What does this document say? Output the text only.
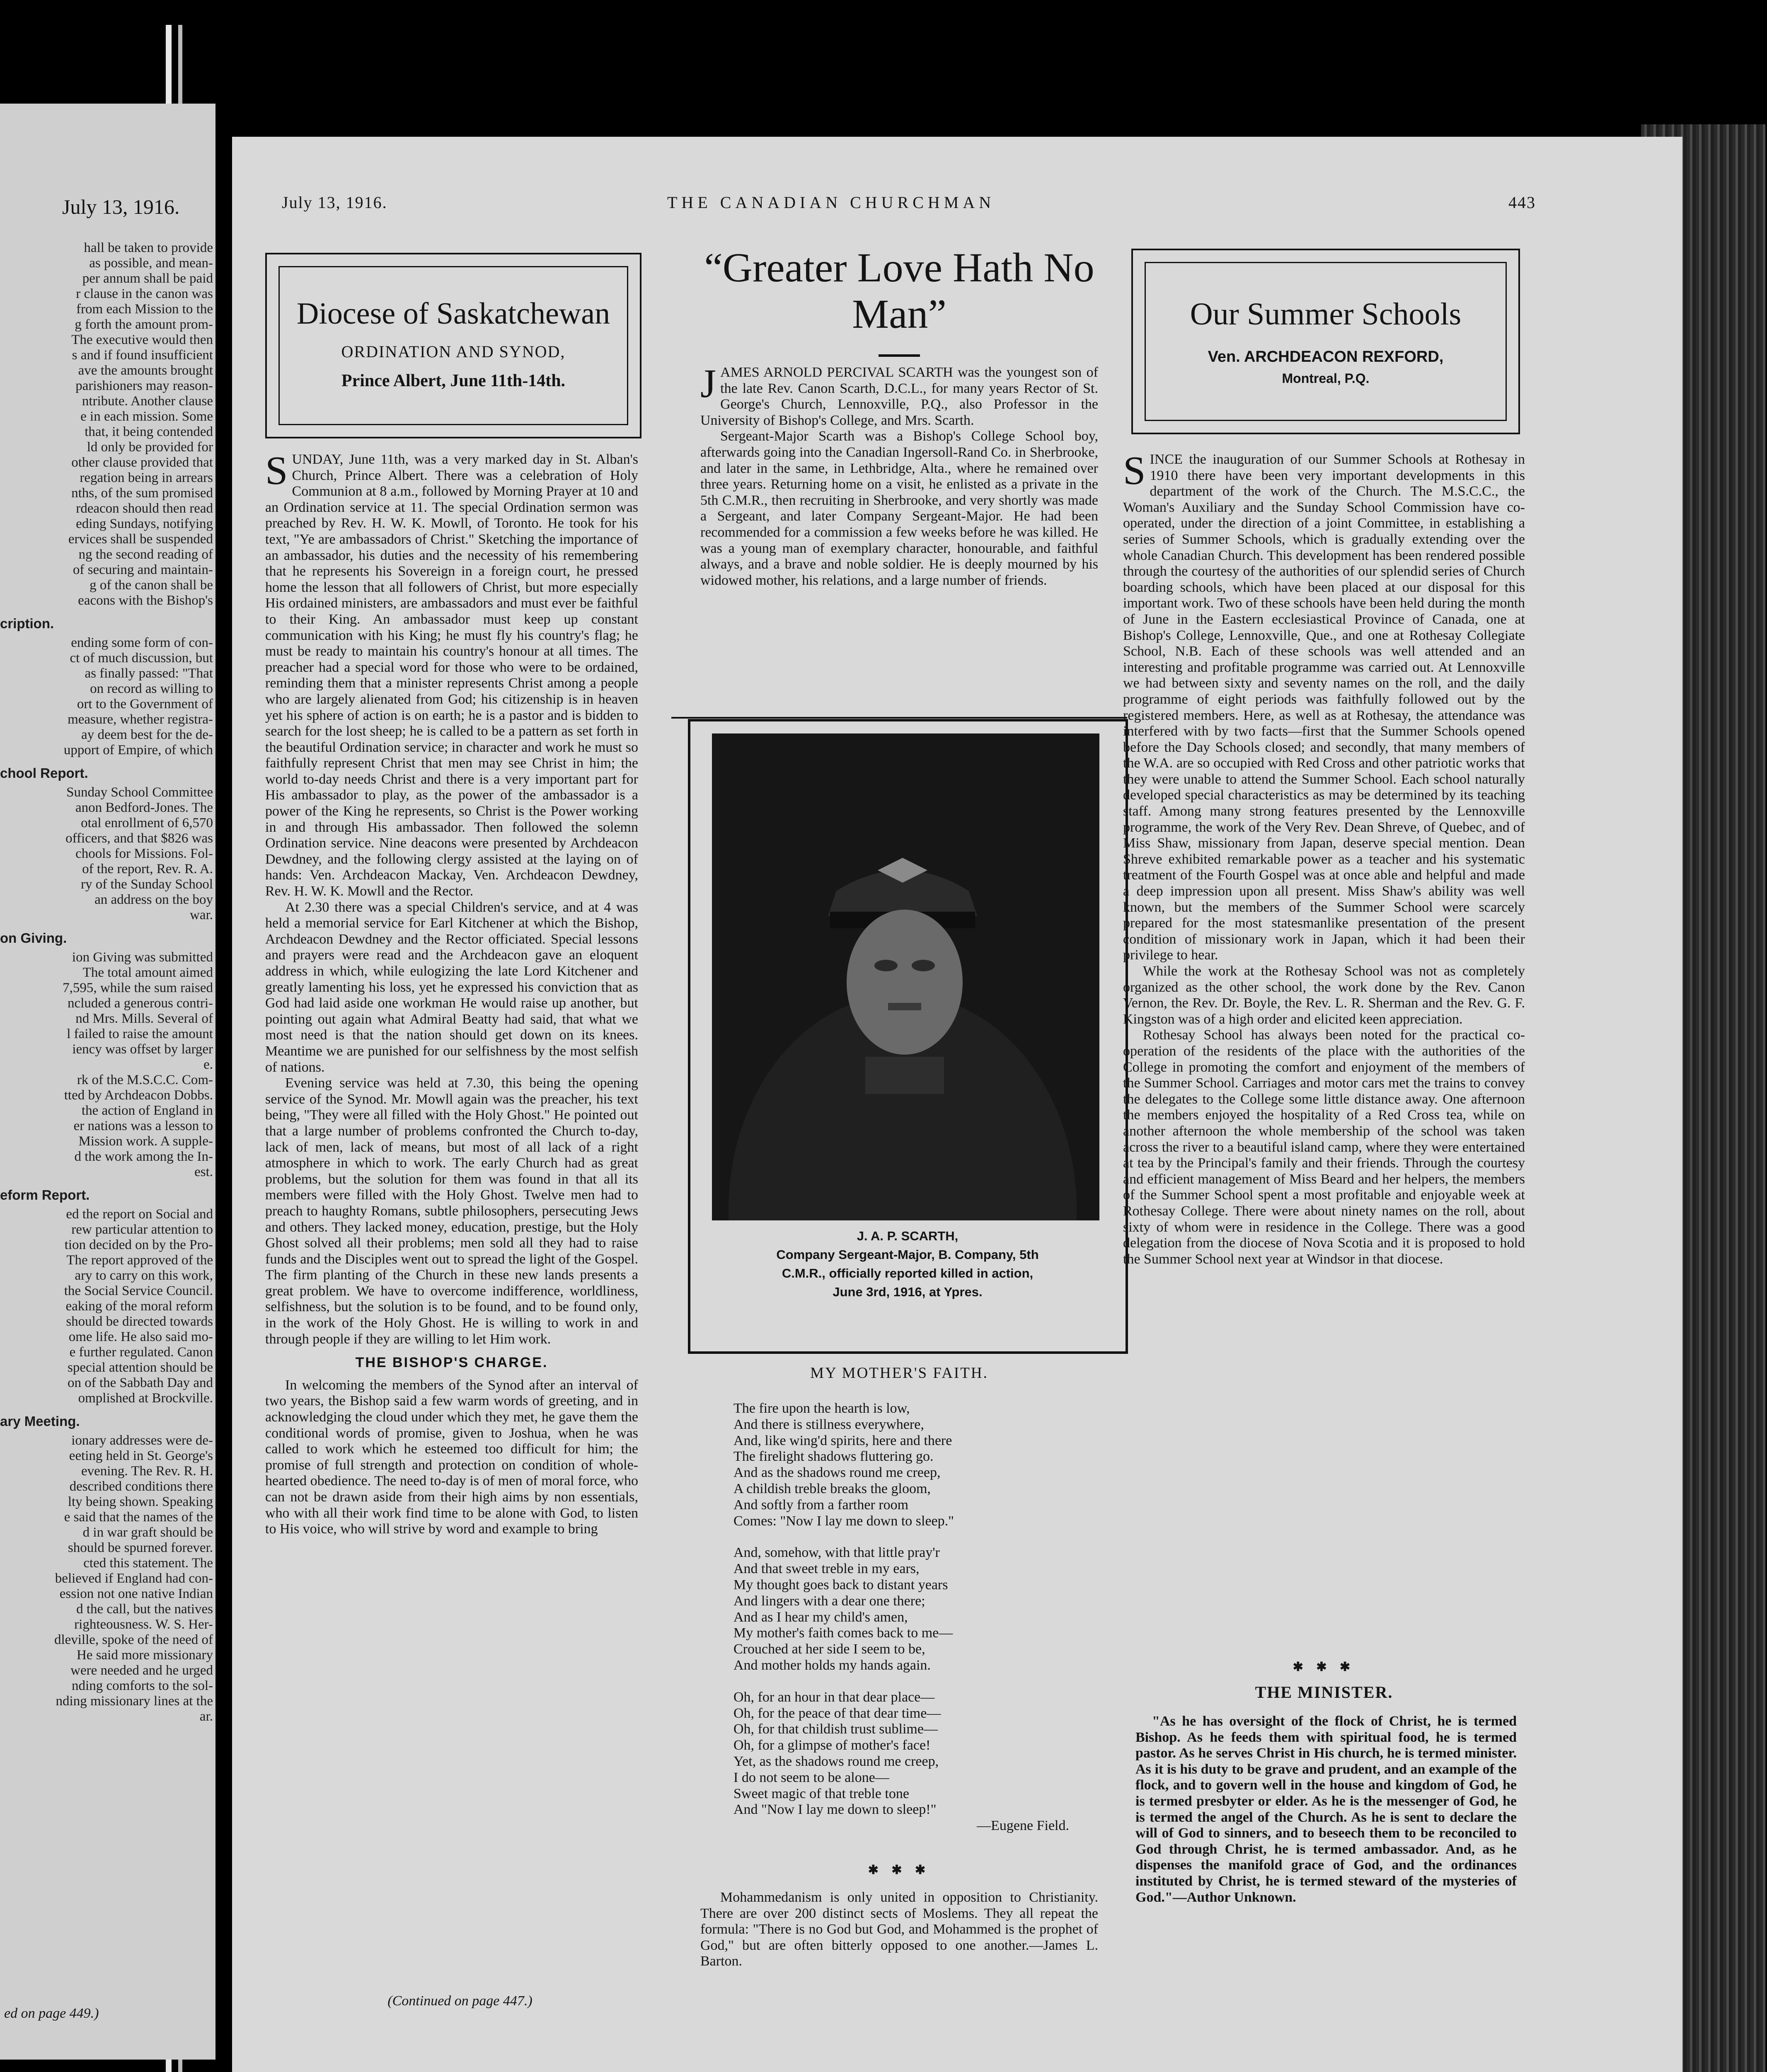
July 13, 1916.
hall be taken to provide
as possible, and mean-
per annum shall be paid
r clause in the canon was
from each Mission to the
g forth the amount prom-
The executive would then
s and if found insufficient
ave the amounts brought
parishioners may reason-
ntribute. Another clause
e in each mission. Some
that, it being contended
ld only be provided for
other clause provided that
regation being in arrears
nths, of the sum promised
rdeacon should then read
eding Sundays, notifying
ervices shall be suspended
ng the second reading of
of securing and maintain-
g of the canon shall be
eacons with the Bishop's
cription.
ending some form of con-
ct of much discussion, but
as finally passed: "That
on record as willing to
ort to the Government of
measure, whether registra-
ay deem best for the de-
upport of Empire, of which
chool Report.
Sunday School Committee
anon Bedford-Jones. The
otal enrollment of 6,570
officers, and that $826 was
chools for Missions. Fol-
of the report, Rev. R. A.
ry of the Sunday School
an address on the boy
war.
on Giving.
ion Giving was submitted
The total amount aimed
7,595, while the sum raised
ncluded a generous contri-
nd Mrs. Mills. Several of
l failed to raise the amount
iency was offset by larger
e.
rk of the M.S.C.C. Com-
tted by Archdeacon Dobbs.
the action of England in
er nations was a lesson to
Mission work. A supple-
d the work among the In-
est.
eform Report.
ed the report on Social and
rew particular attention to
tion decided on by the Pro-
The report approved of the
ary to carry on this work,
the Social Service Council.
eaking of the moral reform
should be directed towards
ome life. He also said mo-
e further regulated. Canon
special attention should be
on of the Sabbath Day and
omplished at Brockville.
ary Meeting.
ionary addresses were de-
eeting held in St. George's
evening. The Rev. R. H.
described conditions there
lty being shown. Speaking
e said that the names of the
d in war graft should be
should be spurned forever.
cted this statement. The
believed if England had con-
ession not one native Indian
d the call, but the natives
righteousness. W. S. Her-
dleville, spoke of the need of
He said more missionary
were needed and he urged
nding comforts to the sol-
nding missionary lines at the
ar.
ed on page 449.)
July 13, 1916.	THE CANADIAN CHURCHMAN	443
Diocese of Saskatchewan
ORDINATION AND SYNOD,
Prince Albert, June 11th-14th.

SUNDAY, June 11th, was a very marked day in St. Alban's Church, Prince Albert. There was a celebration of Holy Communion at 8 a.m., followed by Morning Prayer at 10 and an Ordination service at 11. The special Ordination sermon was preached by Rev. H. W. K. Mowll, of Toronto. He took for his text, "Ye are ambassadors of Christ." Sketching the importance of an ambassador, his duties and the necessity of his remembering that he represents his Sovereign in a foreign court, he pressed home the lesson that all followers of Christ, but more especially His ordained ministers, are ambassadors and must ever be faithful to their King. An ambassador must keep up constant communication with his King; he must fly his country's flag; he must be ready to maintain his country's honour at all times. The preacher had a special word for those who were to be ordained, reminding them that a minister represents Christ among a people who are largely alienated from God; his citizenship is in heaven yet his sphere of action is on earth; he is a pastor and is bidden to search for the lost sheep; he is called to be a pattern as set forth in the beautiful Ordination service; in character and work he must so faithfully represent Christ that men may see Christ in him; the world to-day needs Christ and there is a very important part for His ambassador to play, as the power of the ambassador is a power of the King he represents, so Christ is the Power working in and through His ambassador. Then followed the solemn Ordination service. Nine deacons were presented by Archdeacon Dewdney, and the following clergy assisted at the laying on of hands: Ven. Archdeacon Mackay, Ven. Archdeacon Dewdney, Rev. H. W. K. Mowll and the Rector.

At 2.30 there was a special Children's service, and at 4 was held a memorial service for Earl Kitchener at which the Bishop, Archdeacon Dewdney and the Rector officiated. Special lessons and prayers were read and the Archdeacon gave an eloquent address in which, while eulogizing the late Lord Kitchener and greatly lamenting his loss, yet he expressed his conviction that as God had laid aside one workman He would raise up another, but pointing out again what Admiral Beatty had said, that what we most need is that the nation should get down on its knees. Meantime we are punished for our selfishness by the most selfish of nations.

Evening service was held at 7.30, this being the opening service of the Synod. Mr. Mowll again was the preacher, his text being, "They were all filled with the Holy Ghost." He pointed out that a large number of problems confronted the Church to-day, lack of men, lack of means, but most of all lack of a right atmosphere in which to work. The early Church had as great problems, but the solution for them was found in that all its members were filled with the Holy Ghost. Twelve men had to preach to haughty Romans, subtle philosophers, persecuting Jews and others. They lacked money, education, prestige, but the Holy Ghost solved all their problems; men sold all they had to raise funds and the Disciples went out to spread the light of the Gospel. The firm planting of the Church in these new lands presents a great problem. We have to overcome indifference, worldliness, selfishness, but the solution is to be found, and to be found only, in the work of the Holy Ghost. He is willing to work in and through people if they are willing to let Him work.

THE BISHOP'S CHARGE.

In welcoming the members of the Synod after an interval of two years, the Bishop said a few warm words of greeting, and in acknowledging the cloud under which they met, he gave them the conditional words of promise, given to Joshua, when he was called to work which he esteemed too difficult for him; the promise of full strength and protection on condition of whole-hearted obedience. The need to-day is of men of moral force, who can not be drawn aside from their high aims by non essentials, who with all their work find time to be alone with God, to listen to His voice, who will strive by word and example to bring

(Continued on page 447.)
“Greater Love Hath No Man”

JAMES ARNOLD PERCIVAL SCARTH was the youngest son of the late Rev. Canon Scarth, D.C.L., for many years Rector of St. George's Church, Lennoxville, P.Q., also Professor in the University of Bishop's College, and Mrs. Scarth.

Sergeant-Major Scarth was a Bishop's College School boy, afterwards going into the Canadian Ingersoll-Rand Co. in Sherbrooke, and later in the same, in Lethbridge, Alta., where he remained over three years. Returning home on a visit, he enlisted as a private in the 5th C.M.R., then recruiting in Sherbrooke, and very shortly was made a Sergeant, and later Company Sergeant-Major. He had been recommended for a commission a few weeks before he was killed. He was a young man of exemplary character, honourable, and faithful always, and a brave and noble soldier. He is deeply mourned by his widowed mother, his relations, and a large number of friends.

J. A. P. SCARTH,
Company Sergeant-Major, B. Company, 5th
C.M.R., officially reported killed in action,
June 3rd, 1916, at Ypres.
MY MOTHER'S FAITH.
The fire upon the hearth is low,
And there is stillness everywhere,
And, like wing'd spirits, here and there
The firelight shadows fluttering go.
And as the shadows round me creep,
A childish treble breaks the gloom,
And softly from a farther room
Comes: "Now I lay me down to sleep."
And, somehow, with that little pray'r
And that sweet treble in my ears,
My thought goes back to distant years
And lingers with a dear one there;
And as I hear my child's amen,
My mother's faith comes back to me—
Crouched at her side I seem to be,
And mother holds my hands again.
Oh, for an hour in that dear place—
Oh, for the peace of that dear time—
Oh, for that childish trust sublime—
Oh, for a glimpse of mother's face!
Yet, as the shadows round me creep,
I do not seem to be alone—
Sweet magic of that treble tone
And "Now I lay me down to sleep!"
—Eugene Field.
✱ ✱ ✱

Mohammedanism is only united in opposition to Christianity. There are over 200 distinct sects of Moslems. They all repeat the formula: "There is no God but God, and Mohammed is the prophet of God," but are often bitterly opposed to one another.—James L. Barton.

Our Summer Schools
Ven. ARCHDEACON REXFORD,
Montreal, P.Q.

SINCE the inauguration of our Summer Schools at Rothesay in 1910 there have been very important developments in this department of the work of the Church. The M.S.C.C., the Woman's Auxiliary and the Sunday School Commission have co-operated, under the direction of a joint Committee, in establishing a series of Summer Schools, which is gradually extending over the whole Canadian Church. This development has been rendered possible through the courtesy of the authorities of our splendid series of Church boarding schools, which have been placed at our disposal for this important work. Two of these schools have been held during the month of June in the Eastern ecclesiastical Province of Canada, one at Bishop's College, Lennoxville, Que., and one at Rothesay Collegiate School, N.B. Each of these schools was well attended and an interesting and profitable programme was carried out. At Lennoxville we had between sixty and seventy names on the roll, and the daily programme of eight periods was faithfully followed out by the registered members. Here, as well as at Rothesay, the attendance was interfered with by two facts—first that the Summer Schools opened before the Day Schools closed; and secondly, that many members of the W.A. are so occupied with Red Cross and other patriotic works that they were unable to attend the Summer School. Each school naturally developed special characteristics as may be determined by its teaching staff. Among many strong features presented by the Lennoxville programme, the work of the Very Rev. Dean Shreve, of Quebec, and of Miss Shaw, missionary from Japan, deserve special mention. Dean Shreve exhibited remarkable power as a teacher and his systematic treatment of the Fourth Gospel was at once able and helpful and made a deep impression upon all present. Miss Shaw's ability was well known, but the members of the Summer School were scarcely prepared for the most statesmanlike presentation of the present condition of missionary work in Japan, which it had been their privilege to hear.

While the work at the Rothesay School was not as completely organized as the other school, the work done by the Rev. Canon Vernon, the Rev. Dr. Boyle, the Rev. L. R. Sherman and the Rev. G. F. Kingston was of a high order and elicited keen appreciation.

Rothesay School has always been noted for the practical co-operation of the residents of the place with the authorities of the College in promoting the comfort and enjoyment of the members of the Summer School. Carriages and motor cars met the trains to convey the delegates to the College some little distance away. One afternoon the members enjoyed the hospitality of a Red Cross tea, while on another afternoon the whole membership of the school was taken across the river to a beautiful island camp, where they were entertained at tea by the Principal's family and their friends. Through the courtesy and efficient management of Miss Beard and her helpers, the members of the Summer School spent a most profitable and enjoyable week at Rothesay College. There were about ninety names on the roll, about sixty of whom were in residence in the College. There was a good delegation from the diocese of Nova Scotia and it is proposed to hold the Summer School next year at Windsor in that diocese.

✱ ✱ ✱
THE MINISTER.
"As he has oversight of the flock of Christ, he is termed Bishop. As he feeds them with spiritual food, he is termed pastor. As he serves Christ in His church, he is termed minister. As it is his duty to be grave and prudent, and an example of the flock, and to govern well in the house and kingdom of God, he is termed presbyter or elder. As he is the messenger of God, he is termed the angel of the Church. As he is sent to declare the will of God to sinners, and to beseech them to be reconciled to God through Christ, he is termed ambassador. And, as he dispenses the manifold grace of God, and the ordinances instituted by Christ, he is termed steward of the mysteries of God."—Author Unknown.
